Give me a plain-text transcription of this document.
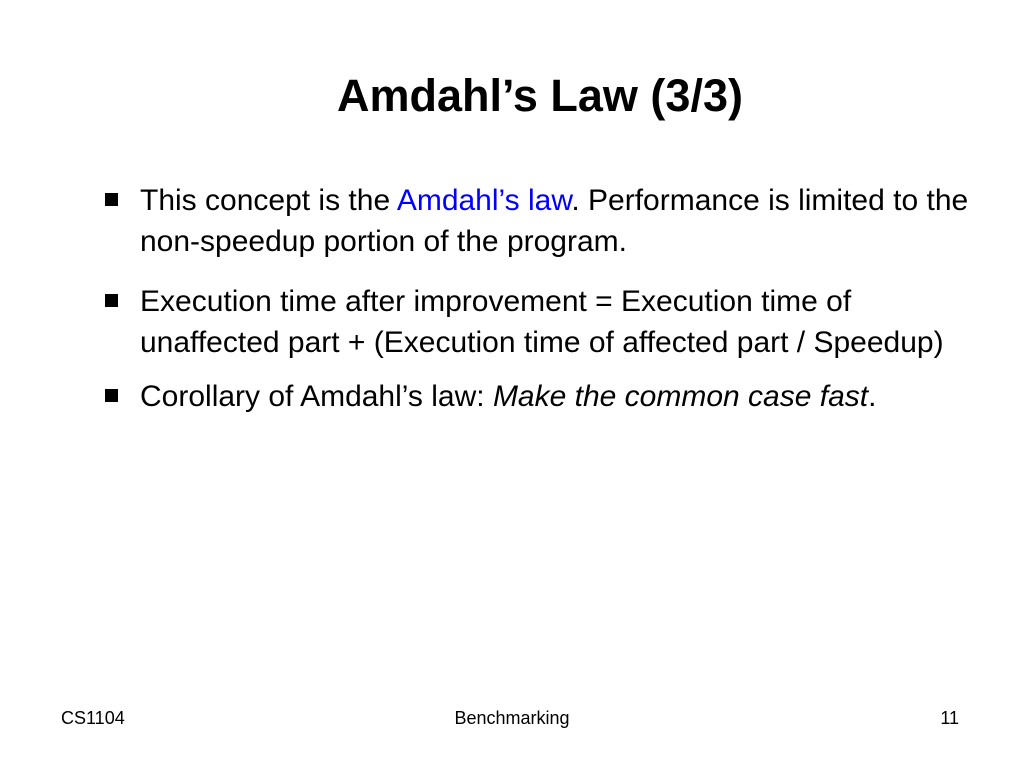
Amdahl’s Law (3/3)
This concept is the Amdahl’s law. Performance is limited to the non-speedup portion of the program.
Execution time after improvement = Execution time of unaffected part + (Execution time of affected part / Speedup)
Corollary of Amdahl’s law: Make the common case fast.
CS1104	Benchmarking	11
